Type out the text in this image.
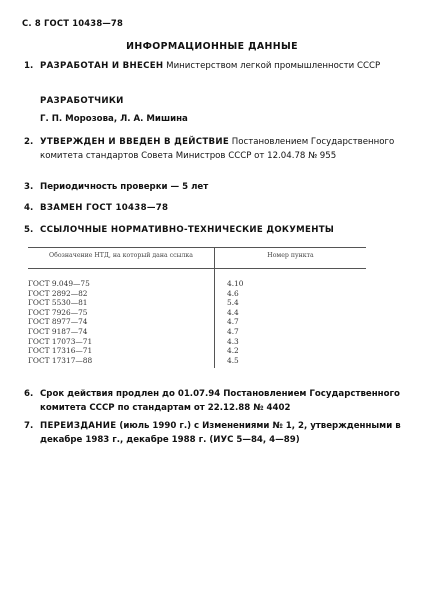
С. 8 ГОСТ 10438—78
ИНФОРМАЦИОННЫЕ ДАННЫЕ
1. РАЗРАБОТАН И ВНЕСЕН Министерством легкой промышленности СССР
РАЗРАБОТЧИКИ
Г. П. Морозова, Л. А. Мишина
2. УТВЕРЖДЕН И ВВЕДЕН В ДЕЙСТВИЕ Постановлением Государственного комитета стандартов Совета Министров СССР от 12.04.78 № 955
3. Периодичность проверки — 5 лет
4. ВЗАМЕН ГОСТ 10438—78
5. ССЫЛОЧНЫЕ НОРМАТИВНО-ТЕХНИЧЕСКИЕ ДОКУМЕНТЫ
Обозначение НТД, на который дана ссылка	Номер пункта
ГОСТ 9.049—75	4.10
ГОСТ 2892—82	4.6
ГОСТ 5530—81	5.4
ГОСТ 7926—75	4.4
ГОСТ 8977—74	4.7
ГОСТ 9187—74	4.7
ГОСТ 17073—71	4.3
ГОСТ 17316—71	4.2
ГОСТ 17317—88	4.5
6. Срок действия продлен до 01.07.94 Постановлением Государственного комитета СССР по стандартам от 22.12.88 № 4402
7. ПЕРЕИЗДАНИЕ (июль 1990 г.) с Изменениями № 1, 2, утвержденными в декабре 1983 г., декабре 1988 г. (ИУС 5—84, 4—89)
